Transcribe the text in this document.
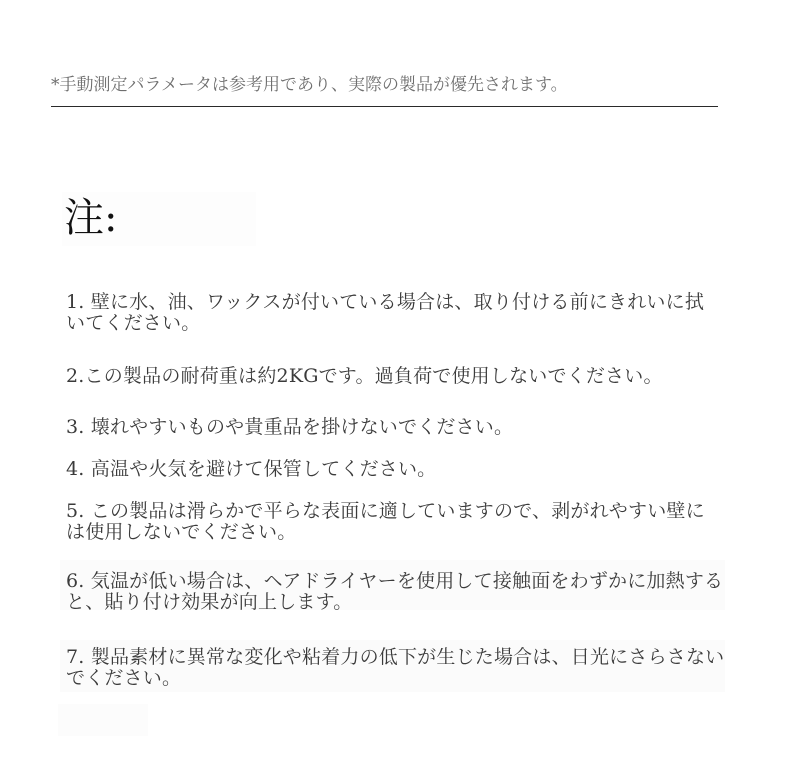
*手動測定パラメータは参考用であり、実際の製品が優先されます。
注:
1. 壁に水、油、ワックスが付いている場合は、取り付ける前にきれいに拭いてください。
2.この製品の耐荷重は約2KGです。過負荷で使用しないでください。
3. 壊れやすいものや貴重品を掛けないでください。
4. 高温や火気を避けて保管してください。
5. この製品は滑らかで平らな表面に適していますので、剥がれやすい壁には使用しないでください。
6. 気温が低い場合は、ヘアドライヤーを使用して接触面をわずかに加熱すると、貼り付け効果が向上します。
7. 製品素材に異常な変化や粘着力の低下が生じた場合は、日光にさらさないでください。
